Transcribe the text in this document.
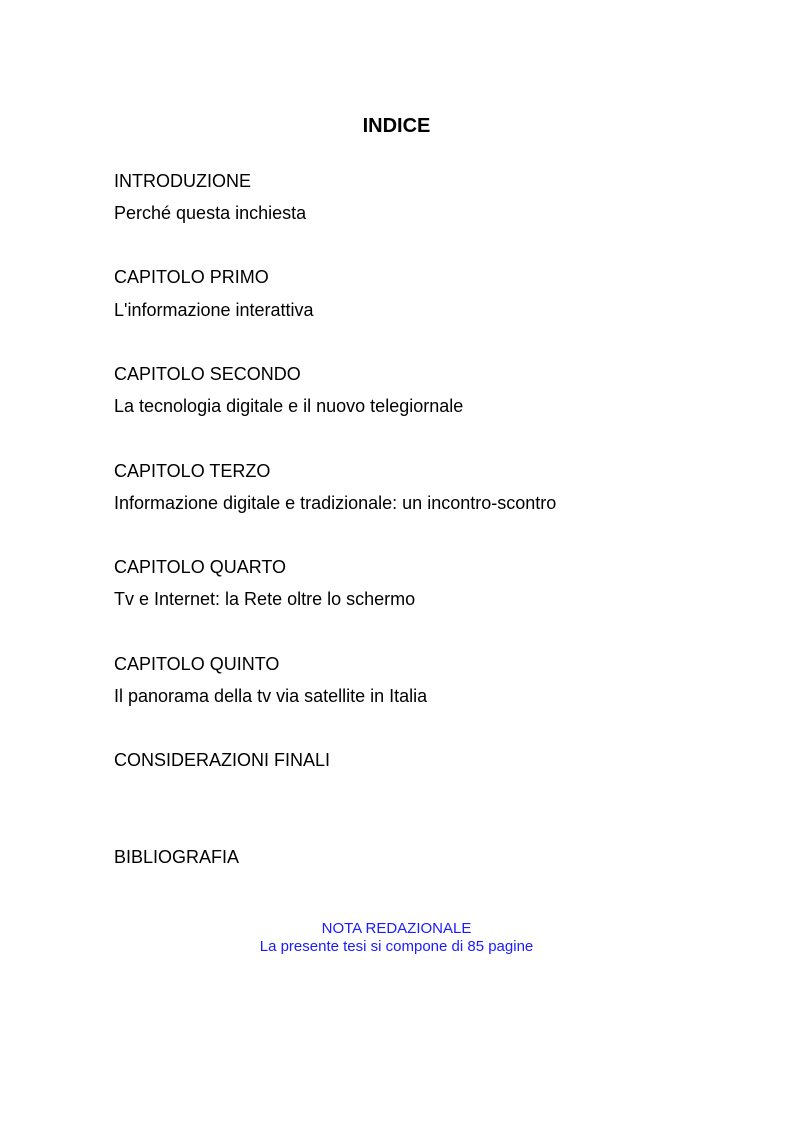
INDICE
INTRODUZIONE
Perché questa inchiesta
CAPITOLO PRIMO
L'informazione interattiva
CAPITOLO SECONDO
La tecnologia digitale e il nuovo telegiornale
CAPITOLO TERZO
Informazione digitale e tradizionale: un incontro-scontro
CAPITOLO QUARTO
Tv e Internet: la Rete oltre lo schermo
CAPITOLO QUINTO
Il panorama della tv via satellite in Italia
CONSIDERAZIONI FINALI
BIBLIOGRAFIA
NOTA REDAZIONALE
La presente tesi si compone di 85 pagine
